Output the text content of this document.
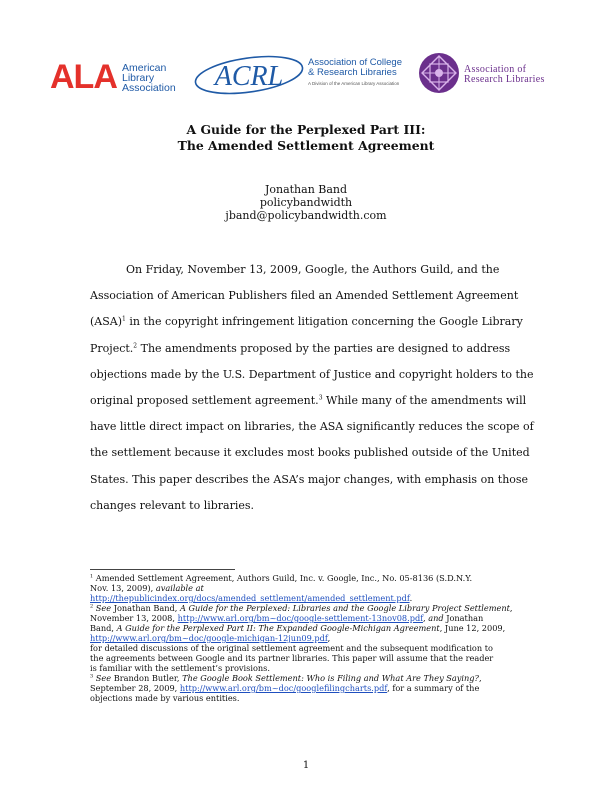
ALA American
Library
Association ACRL	Association of College
& Research Libraries
A Division of the American Library Association
Association of
Research Libraries
A Guide for the Perplexed Part III:
The Amended Settlement Agreement
Jonathan Band
policybandwidth
jband@policybandwidth.com

On Friday, November 13, 2009, Google, the Authors Guild, and the
Association of American Publishers filed an Amended Settlement Agreement
(ASA)$^1$ in the copyright infringement litigation concerning the Google Library
Project.$^2$ The amendments proposed by the parties are designed to address
objections made by the U.S. Department of Justice and copyright holders to the
original proposed settlement agreement.$^3$ While many of the amendments will
have little direct impact on libraries, the ASA significantly reduces the scope of
the settlement because it excludes most books published outside of the United
States. This paper describes the ASA’s major changes, with emphasis on those
changes relevant to libraries.

$^1$ Amended Settlement Agreement, Authors Guild, Inc. v. Google, Inc., No. 05-8136 (S.D.N.Y.
Nov. 13, 2009), available at
http://thepublicindex.org/docs/amended_settlement/amended_settlement.pdf.
$^2$ See Jonathan Band, A Guide for the Perplexed: Libraries and the Google Library Project Settlement,
November 13, 2008, http://www.arl.org/bm~doc/google-settlement-13nov08.pdf, and Jonathan
Band, A Guide for the Perplexed Part II: The Expanded Google-Michigan Agreement, June 12, 2009,
http://www.arl.org/bm~doc/google-michigan-12jun09.pdf,
for detailed discussions of the original settlement agreement and the subsequent modification to
the agreements between Google and its partner libraries. This paper will assume that the reader
is familiar with the settlement’s provisions.
$^3$ See Brandon Butler, The Google Book Settlement: Who is Filing and What Are They Saying?,
September 28, 2009, http://www.arl.org/bm~doc/googlefilingcharts.pdf, for a summary of the
objections made by various entities.
1
